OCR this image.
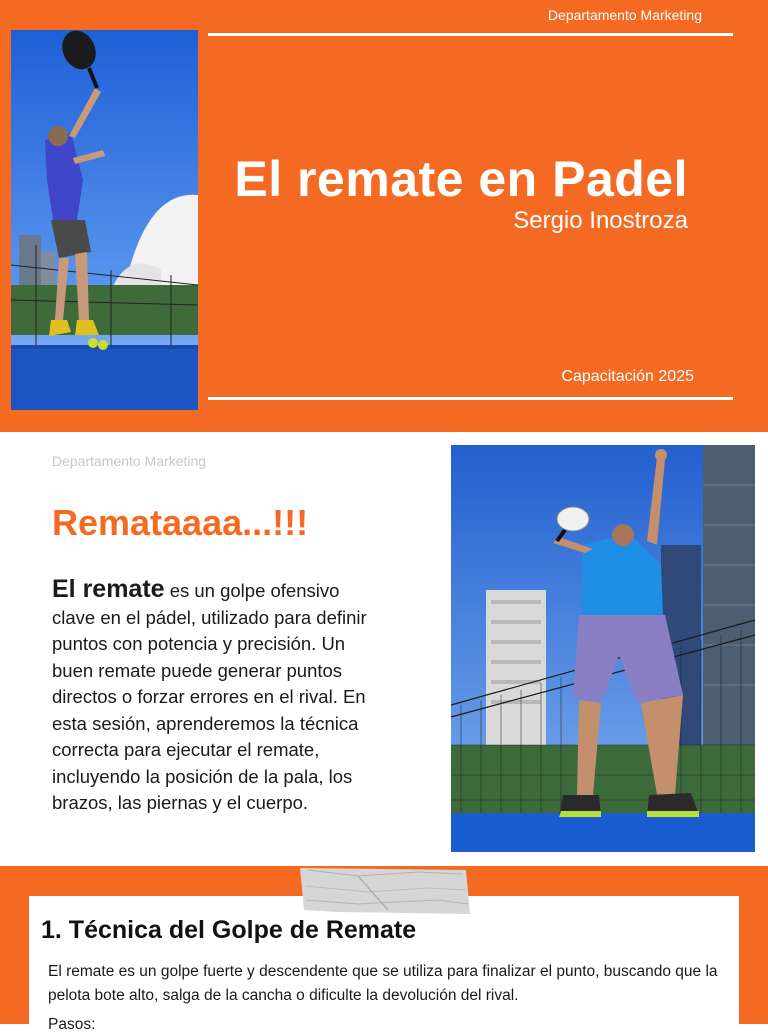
Departamento Marketing
El remate en Padel
Sergio Inostroza
Capacitación 2025
Departamento Marketing
Remataaaa...!!!

El remate es un golpe ofensivo clave en el pádel, utilizado para definir puntos con potencia y precisión. Un buen remate puede generar puntos directos o forzar errores en el rival. En esta sesión, aprenderemos la técnica correcta para ejecutar el remate, incluyendo la posición de la pala, los brazos, las piernas y el cuerpo.

1. Técnica del Golpe de Remate

El remate es un golpe fuerte y descendente que se utiliza para finalizar el punto, buscando que la pelota bote alto, salga de la cancha o dificulte la devolución del rival.

Pasos:
